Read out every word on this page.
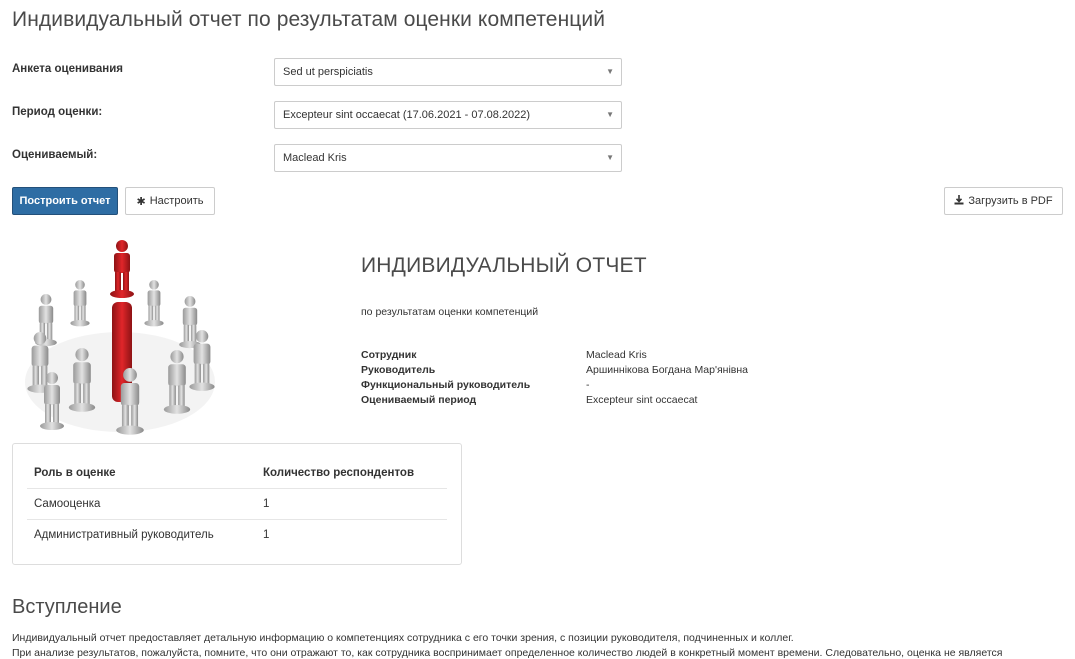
Индивидуальный отчет по результатам оценки компетенций
Анкета оценивания	Sed ut perspiciatis	▼
Период оценки:	Excepteur sint occaecat (17.06.2021 - 07.08.2022)	▼
Оцениваемый:	Maclead Kris	▼
Построить отчет ✱ Настроить	Загрузить в PDF
ИНДИВИДУАЛЬНЫЙ ОТЧЕТ
по результатам оценки компетенций
Сотрудник	Maclead Kris
Руководитель	Аршиннікова Богдана Мар'янівна
Функциональный руководитель	-
Оцениваемый период	Excepteur sint occaecat
Роль в оценке	Количество респондентов
Самооценка	1
Административный руководитель	1
Вступление
Индивидуальный отчет предоставляет детальную информацию о компетенциях сотрудника с его точки зрения, с позиции руководителя, подчиненных и коллег.
При анализе результатов, пожалуйста, помните, что они отражают то, как сотрудника воспринимает определенное количество людей в конкретный момент времени. Следовательно, оценка не является
